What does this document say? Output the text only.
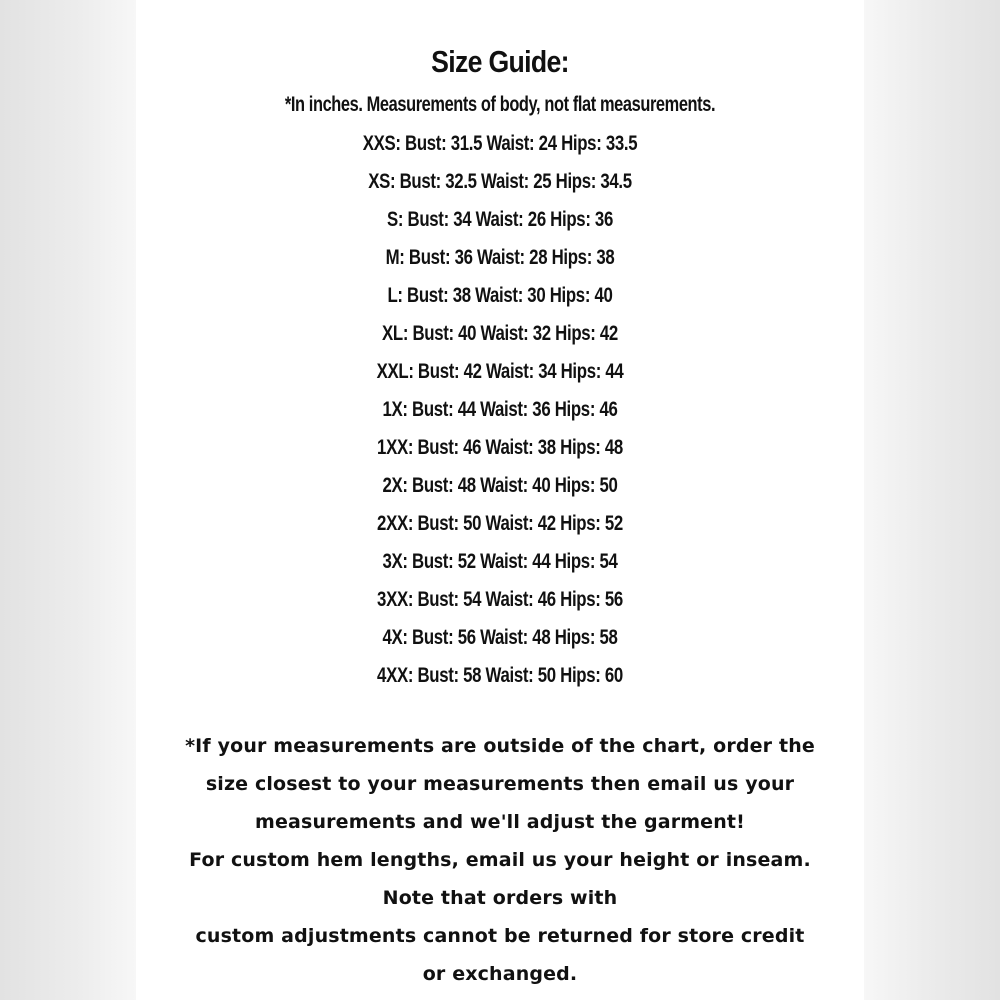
Size Guide:
*In inches. Measurements of body, not flat measurements.
XXS: Bust: 31.5 Waist: 24 Hips: 33.5
XS: Bust: 32.5 Waist: 25 Hips: 34.5
S: Bust: 34 Waist: 26 Hips: 36
M: Bust: 36 Waist: 28 Hips: 38
L: Bust: 38 Waist: 30 Hips: 40
XL: Bust: 40 Waist: 32 Hips: 42
XXL: Bust: 42 Waist: 34 Hips: 44
1X: Bust: 44 Waist: 36 Hips: 46
1XX: Bust: 46 Waist: 38 Hips: 48
2X: Bust: 48 Waist: 40 Hips: 50
2XX: Bust: 50 Waist: 42 Hips: 52
3X: Bust: 52 Waist: 44 Hips: 54
3XX: Bust: 54 Waist: 46 Hips: 56
4X: Bust: 56 Waist: 48 Hips: 58
4XX: Bust: 58 Waist: 50 Hips: 60
*If your measurements are outside of the chart, order the
size closest to your measurements then email us your
measurements and we'll adjust the garment!
For custom hem lengths, email us your height or inseam.
Note that orders with
custom adjustments cannot be returned for store credit
or exchanged.
